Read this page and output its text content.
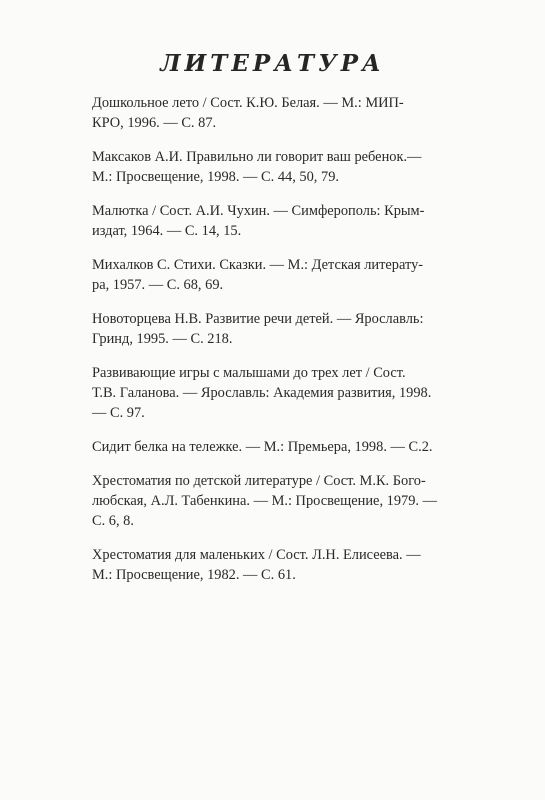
ЛИТЕРАТУРА
Дошкольное лето / Сост. К.Ю. Белая. — М.: МИП-
КРО, 1996. — С. 87.
Максаков А.И. Правильно ли говорит ваш ребенок.—
М.: Просвещение, 1998. — С. 44, 50, 79.
Малютка / Сост. А.И. Чухин. — Симферополь: Крым-
издат, 1964. — С. 14, 15.
Михалков С. Стихи. Сказки. — М.: Детская литерату-
ра, 1957. — С. 68, 69.
Новоторцева Н.В. Развитие речи детей. — Ярославль:
Гринд, 1995. — С. 218.
Развивающие игры с малышами до трех лет / Сост.
Т.В. Галанова. — Ярославль: Академия развития, 1998.
— С. 97.
Сидит белка на тележке. — М.: Премьера, 1998. — С.2.
Хрестоматия по детской литературе / Сост. М.К. Бого-
любская, А.Л. Табенкина. — М.: Просвещение, 1979. —
С. 6, 8.
Хрестоматия для маленьких / Сост. Л.Н. Елисеева. —
М.: Просвещение, 1982. — С. 61.
